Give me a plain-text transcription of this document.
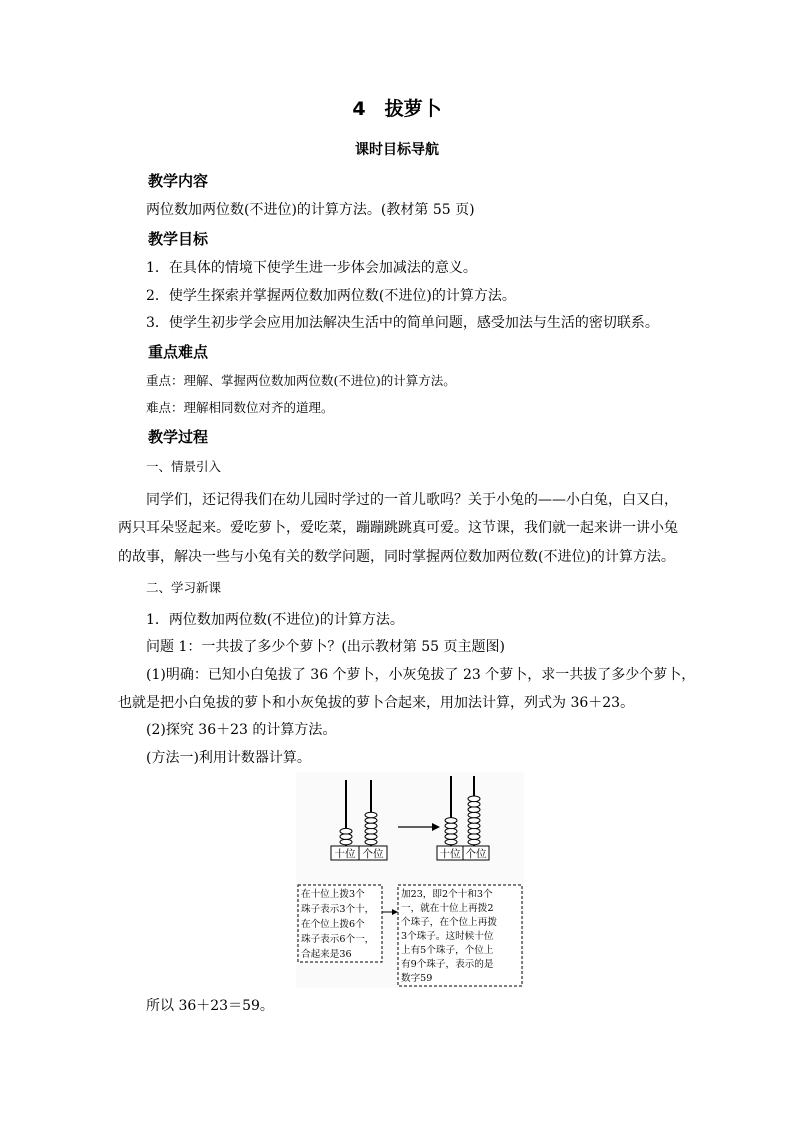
4　拔萝卜
课时目标导航
教学内容
两位数加两位数(不进位)的计算方法。(教材第 55 页)
教学目标
1．在具体的情境下使学生进一步体会加减法的意义。
2．使学生探索并掌握两位数加两位数(不进位)的计算方法。
3．使学生初步学会应用加法解决生活中的简单问题，感受加法与生活的密切联系。
重点难点
重点：理解、掌握两位数加两位数(不进位)的计算方法。
难点：理解相同数位对齐的道理。
教学过程
一、情景引入
同学们，还记得我们在幼儿园时学过的一首儿歌吗？关于小兔的——小白兔，白又白，
两只耳朵竖起来。爱吃萝卜，爱吃菜，蹦蹦跳跳真可爱。这节课，我们就一起来讲一讲小兔
的故事，解决一些与小兔有关的数学问题，同时掌握两位数加两位数(不进位)的计算方法。
二、学习新课
1．两位数加两位数(不进位)的计算方法。
问题 1：一共拔了多少个萝卜？(出示教材第 55 页主题图)
(1)明确：已知小白兔拔了 36 个萝卜，小灰兔拔了 23 个萝卜，求一共拔了多少个萝卜，
也就是把小白兔拔的萝卜和小灰兔拔的萝卜合起来，用加法计算，列式为 36＋23。
(2)探究 36＋23 的计算方法。
(方法一)利用计数器计算。
十位 个位	十位 个位
在十位上拨3个
珠子表示3个十，
在个位上拨6个
珠子表示6个一，
合起来是36
加23，即2个十和3个
一，就在十位上再拨2
个珠子，在个位上再拨
3个珠子。这时候十位
上有5个珠子，个位上
有9个珠子，表示的是
数字59
所以 36＋23＝59。
